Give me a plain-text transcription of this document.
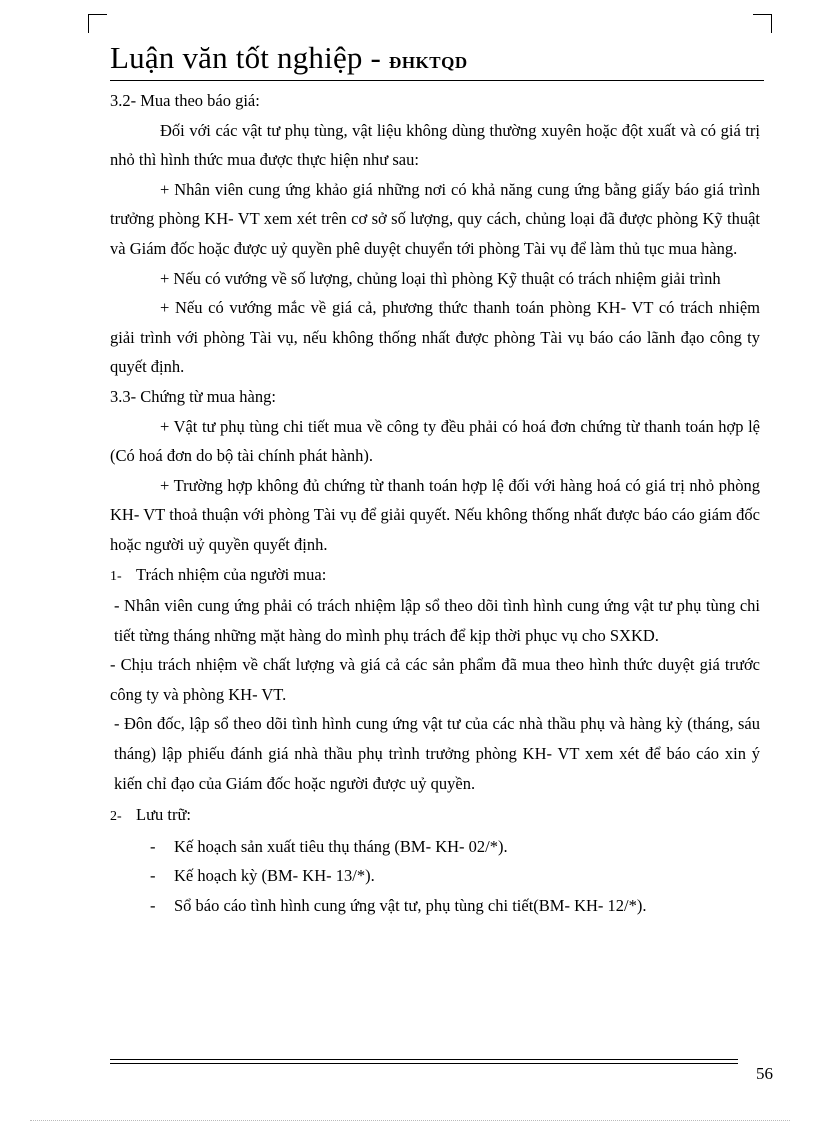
Luận văn tốt nghiệp - ĐHKTQD

3.2- Mua theo báo giá:

Đối với các vật tư phụ tùng, vật liệu không dùng thường xuyên hoặc đột xuất và có giá trị nhỏ thì hình thức mua được thực hiện như sau:

+ Nhân viên cung ứng khảo giá những nơi có khả năng cung ứng bằng giấy báo giá trình trưởng phòng KH- VT xem xét trên cơ sở số lượng, quy cách, chủng loại đã được phòng Kỹ thuật và Giám đốc hoặc được uỷ quyền phê duyệt chuyển tới phòng Tài vụ để làm thủ tục mua hàng.

+ Nếu có vướng về số lượng, chủng loại thì phòng Kỹ thuật có trách nhiệm giải trình

+ Nếu có vướng mắc về giá cả, phương thức thanh toán phòng KH- VT có trách nhiệm giải trình với phòng Tài vụ, nếu không thống nhất được phòng Tài vụ báo cáo lãnh đạo công ty quyết định.

3.3- Chứng từ mua hàng:

+ Vật tư phụ tùng chi tiết mua về công ty đều phải có hoá đơn chứng từ thanh toán hợp lệ (Có hoá đơn do bộ tài chính phát hành).

+ Trường hợp không đủ chứng từ thanh toán hợp lệ đối với hàng hoá có giá trị nhỏ phòng KH- VT thoả thuận với phòng Tài vụ để giải quyết. Nếu không thống nhất được báo cáo giám đốc hoặc người uỷ quyền quyết định.

1- Trách nhiệm của người mua:

- Nhân viên cung ứng phải có trách nhiệm lập sổ theo dõi tình hình cung ứng vật tư phụ tùng chi tiết từng tháng những mặt hàng do mình phụ trách để kịp thời phục vụ cho SXKD.

- Chịu trách nhiệm về chất lượng và giá cả các sản phẩm đã mua theo hình thức duyệt giá trước công ty và phòng KH- VT.

- Đôn đốc, lập sổ theo dõi tình hình cung ứng vật tư của các nhà thầu phụ và hàng kỳ (tháng, sáu tháng) lập phiếu đánh giá nhà thầu phụ trình trưởng phòng KH- VT xem xét để báo cáo xin ý kiến chỉ đạo của Giám đốc hoặc người được uỷ quyền.

2- Lưu trữ:

- Kế hoạch sản xuất tiêu thụ tháng (BM- KH- 02/*).

- Kế hoạch kỳ (BM- KH- 13/*).

- Sổ báo cáo tình hình cung ứng vật tư, phụ tùng chi tiết(BM- KH- 12/*).

56
